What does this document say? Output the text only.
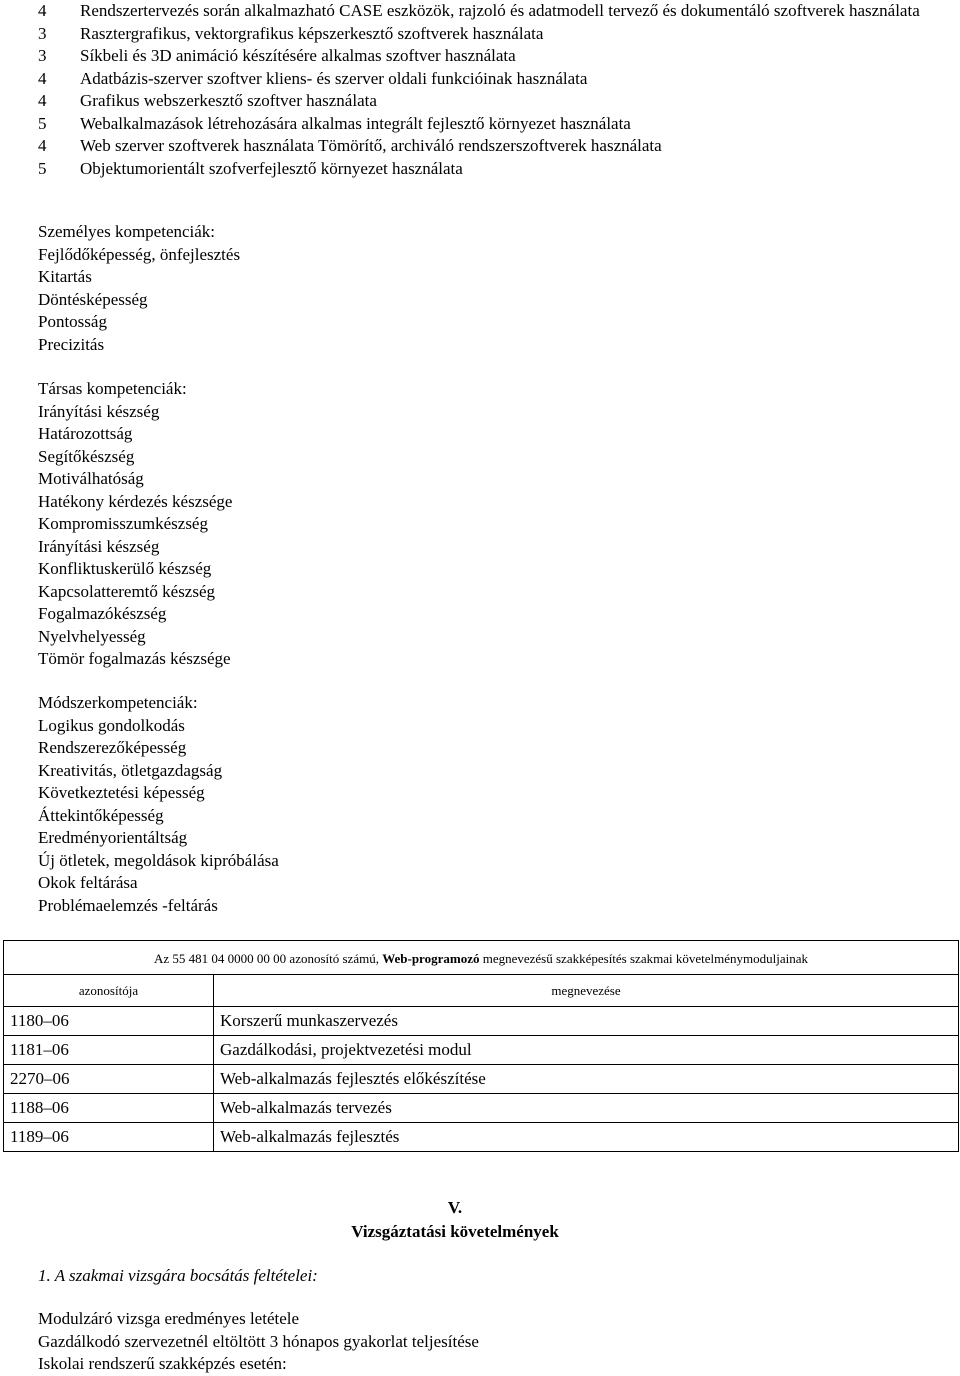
4	Rendszertervezés során alkalmazható CASE eszközök, rajzoló és adatmodell tervező és dokumentáló szoftverek használata
3	Rasztergrafikus, vektorgrafikus képszerkesztő szoftverek használata
3	Síkbeli és 3D animáció készítésére alkalmas szoftver használata
4	Adatbázis-szerver szoftver kliens- és szerver oldali funkcióinak használata
4	Grafikus webszerkesztő szoftver használata
5	Webalkalmazások létrehozására alkalmas integrált fejlesztő környezet használata
4	Web szerver szoftverek használata Tömörítő, archiváló rendszerszoftverek használata
5	Objektumorientált szofverfejlesztő környezet használata
Személyes kompetenciák:
Fejlődőképesség, önfejlesztés
Kitartás
Döntésképesség
Pontosság
Precizitás
Társas kompetenciák:
Irányítási készség
Határozottság
Segítőkészség
Motiválhatóság
Hatékony kérdezés készsége
Kompromisszumkészség
Irányítási készség
Konfliktuskerülő készség
Kapcsolatteremtő készség
Fogalmazókészség
Nyelvhelyesség
Tömör fogalmazás készsége
Módszerkompetenciák:
Logikus gondolkodás
Rendszerezőképesség
Kreativitás, ötletgazdagság
Következtetési képesség
Áttekintőképesség
Eredményorientáltság
Új ötletek, megoldások kipróbálása
Okok feltárása
Problémaelemzés -feltárás
Az 55 481 04 0000 00 00 azonosító számú, Web-programozó megnevezésű szakképesítés szakmai követelménymoduljainak	
azonosítója	megnevezése
1180–06	Korszerű munkaszervezés
1181–06	Gazdálkodási, projektvezetési modul
2270–06	Web-alkalmazás fejlesztés előkészítése
1188–06	Web-alkalmazás tervezés
1189–06	Web-alkalmazás fejlesztés
V.
Vizsgáztatási követelmények
1. A szakmai vizsgára bocsátás feltételei:
Modulzáró vizsga eredményes letétele
Gazdálkodó szervezetnél eltöltött 3 hónapos gyakorlat teljesítése
Iskolai rendszerű szakképzés esetén:
